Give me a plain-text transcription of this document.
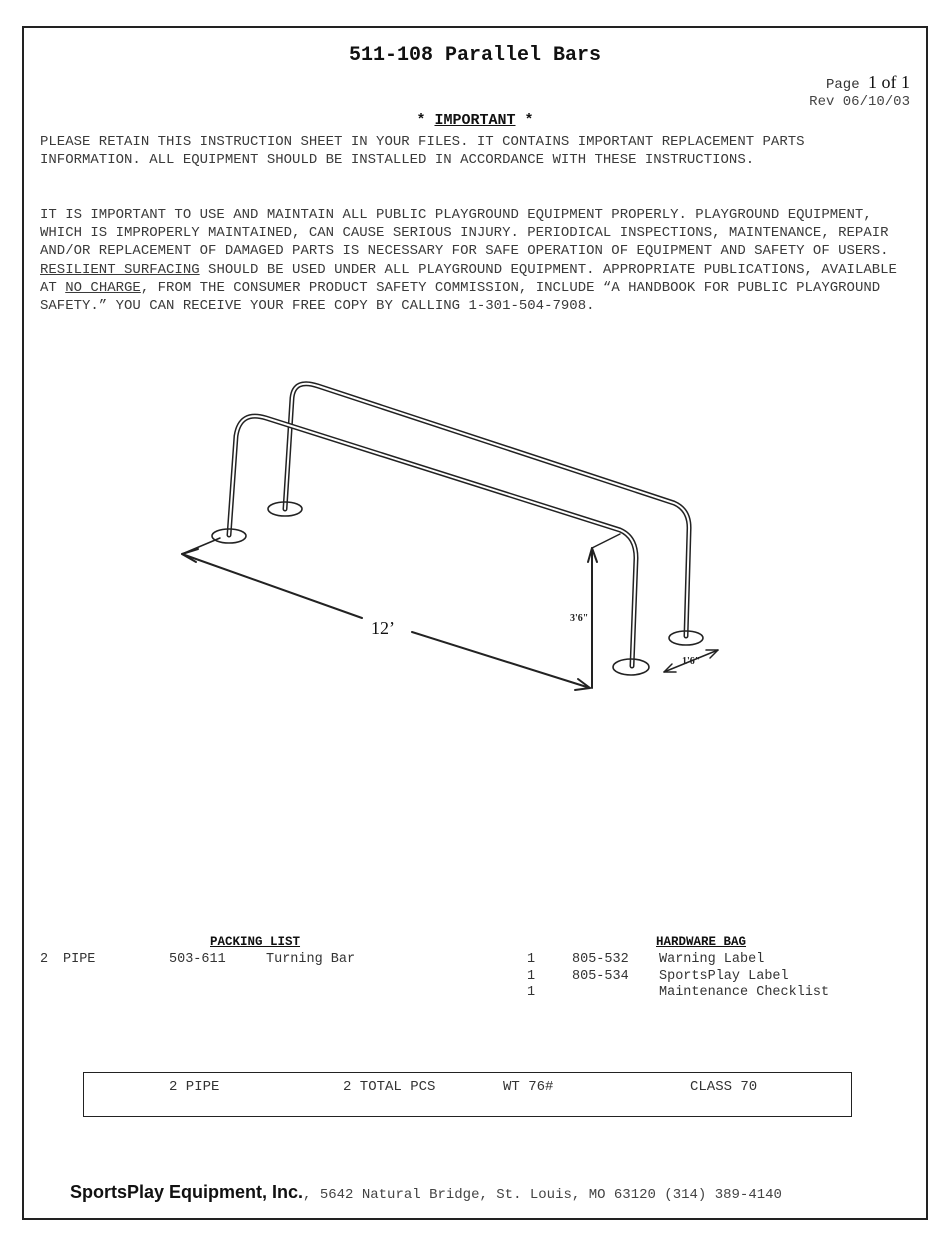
511-108 Parallel Bars
Page 1 of 1
Rev 06/10/03
* IMPORTANT *
PLEASE RETAIN THIS INSTRUCTION SHEET IN YOUR FILES. IT CONTAINS IMPORTANT REPLACEMENT PARTS INFORMATION. ALL EQUIPMENT SHOULD BE INSTALLED IN ACCORDANCE WITH THESE INSTRUCTIONS.
IT IS IMPORTANT TO USE AND MAINTAIN ALL PUBLIC PLAYGROUND EQUIPMENT PROPERLY. PLAYGROUND EQUIPMENT, WHICH IS IMPROPERLY MAINTAINED, CAN CAUSE SERIOUS INJURY. PERIODICAL INSPECTIONS, MAINTENANCE, REPAIR AND/OR REPLACEMENT OF DAMAGED PARTS IS NECESSARY FOR SAFE OPERATION OF EQUIPMENT AND SAFETY OF USERS. RESILIENT SURFACING SHOULD BE USED UNDER ALL PLAYGROUND EQUIPMENT. APPROPRIATE PUBLICATIONS, AVAILABLE AT NO CHARGE, FROM THE CONSUMER PRODUCT SAFETY COMMISSION, INCLUDE “A HANDBOOK FOR PUBLIC PLAYGROUND SAFETY.” YOU CAN RECEIVE YOUR FREE COPY BY CALLING 1-301-504-7908.
12’	3'6"
1'6"
PACKING LIST
2 PIPE	503-611	Turning Bar
HARDWARE BAG
1	805-532 Warning Label
1	805-534 SportsPlay Label
1	Maintenance Checklist
2 PIPE	2 TOTAL PCS	WT 76#	CLASS 70
SportsPlay Equipment, Inc., 5642 Natural Bridge, St. Louis, MO 63120 (314) 389-4140
